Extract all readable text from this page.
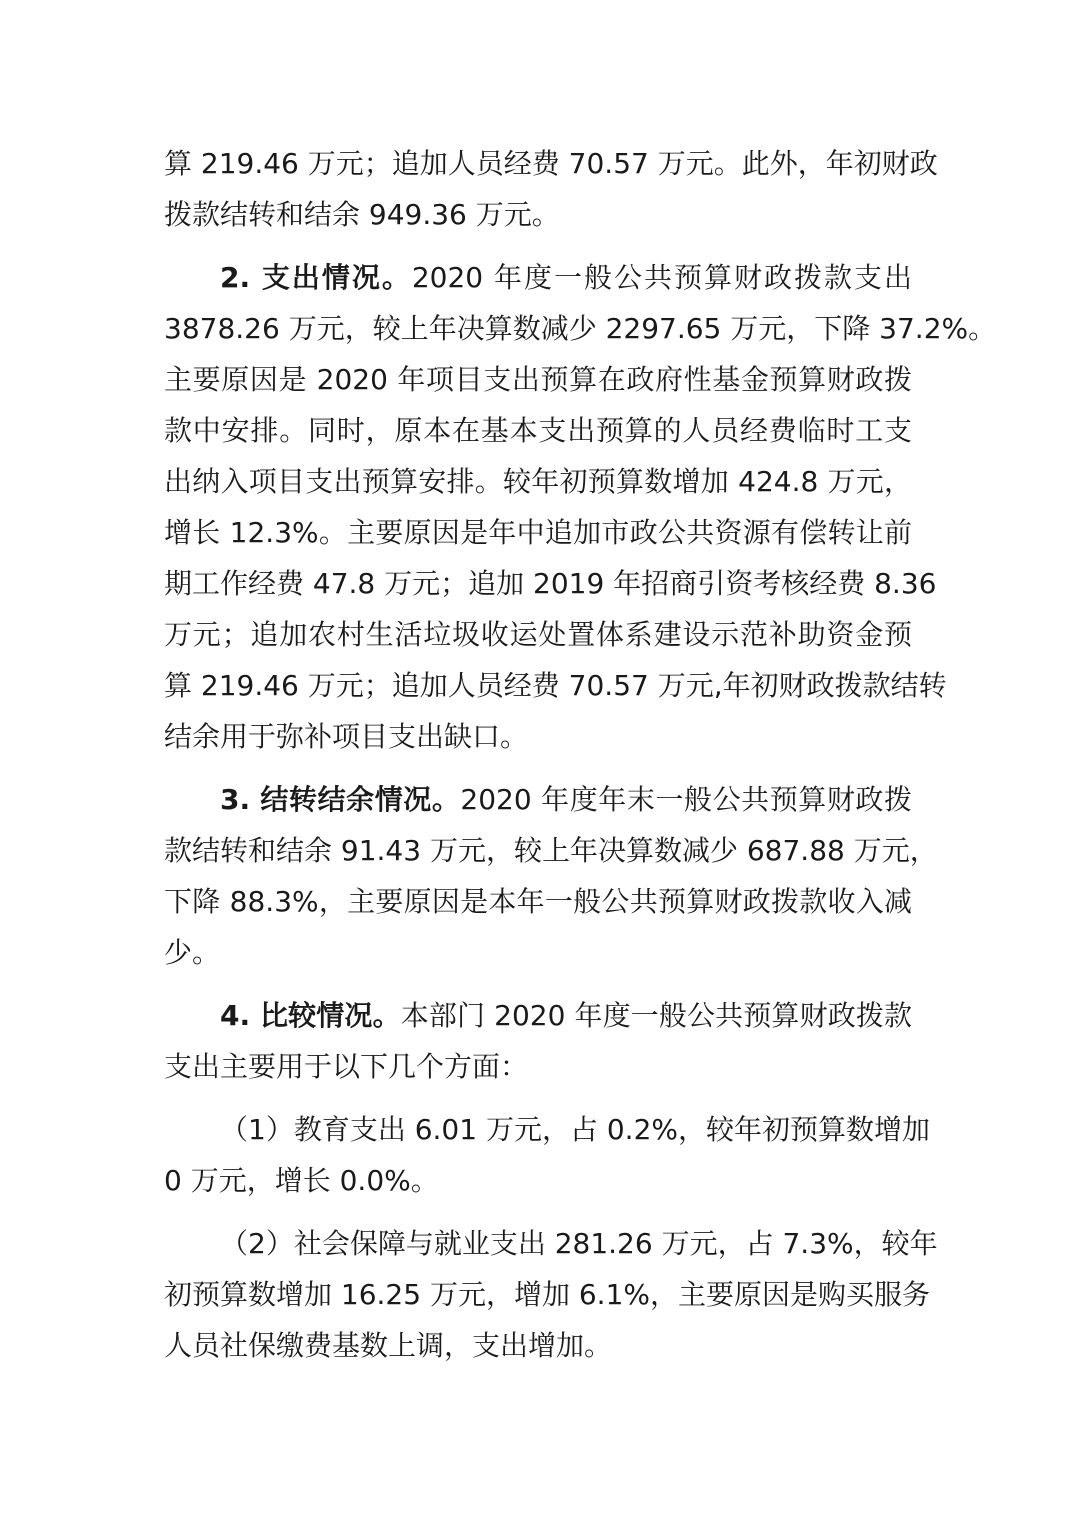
算 219.46 万元；追加人员经费 70.57 万元。此外，年初财政
拨款结转和结余 949.36 万元。
2. 支出情况。2020 年度一般公共预算财政拨款支出
3878.26 万元，较上年决算数减少 2297.65 万元，下降 37.2%。
主要原因是 2020 年项目支出预算在政府性基金预算财政拨
款中安排。同时，原本在基本支出预算的人员经费临时工支
出纳入项目支出预算安排。较年初预算数增加 424.8 万元，
增长 12.3%。主要原因是年中追加市政公共资源有偿转让前
期工作经费 47.8 万元；追加 2019 年招商引资考核经费 8.36
万元；追加农村生活垃圾收运处置体系建设示范补助资金预
算 219.46 万元；追加人员经费 70.57 万元,年初财政拨款结转
结余用于弥补项目支出缺口。
3. 结转结余情况。2020 年度年末一般公共预算财政拨
款结转和结余 91.43 万元，较上年决算数减少 687.88 万元，
下降 88.3%，主要原因是本年一般公共预算财政拨款收入减
少。
4. 比较情况。本部门 2020 年度一般公共预算财政拨款
支出主要用于以下几个方面：
（1）教育支出 6.01 万元，占 0.2%，较年初预算数增加
0 万元，增长 0.0%。
（2）社会保障与就业支出 281.26 万元，占 7.3%，较年
初预算数增加 16.25 万元，增加 6.1%，主要原因是购买服务
人员社保缴费基数上调，支出增加。
